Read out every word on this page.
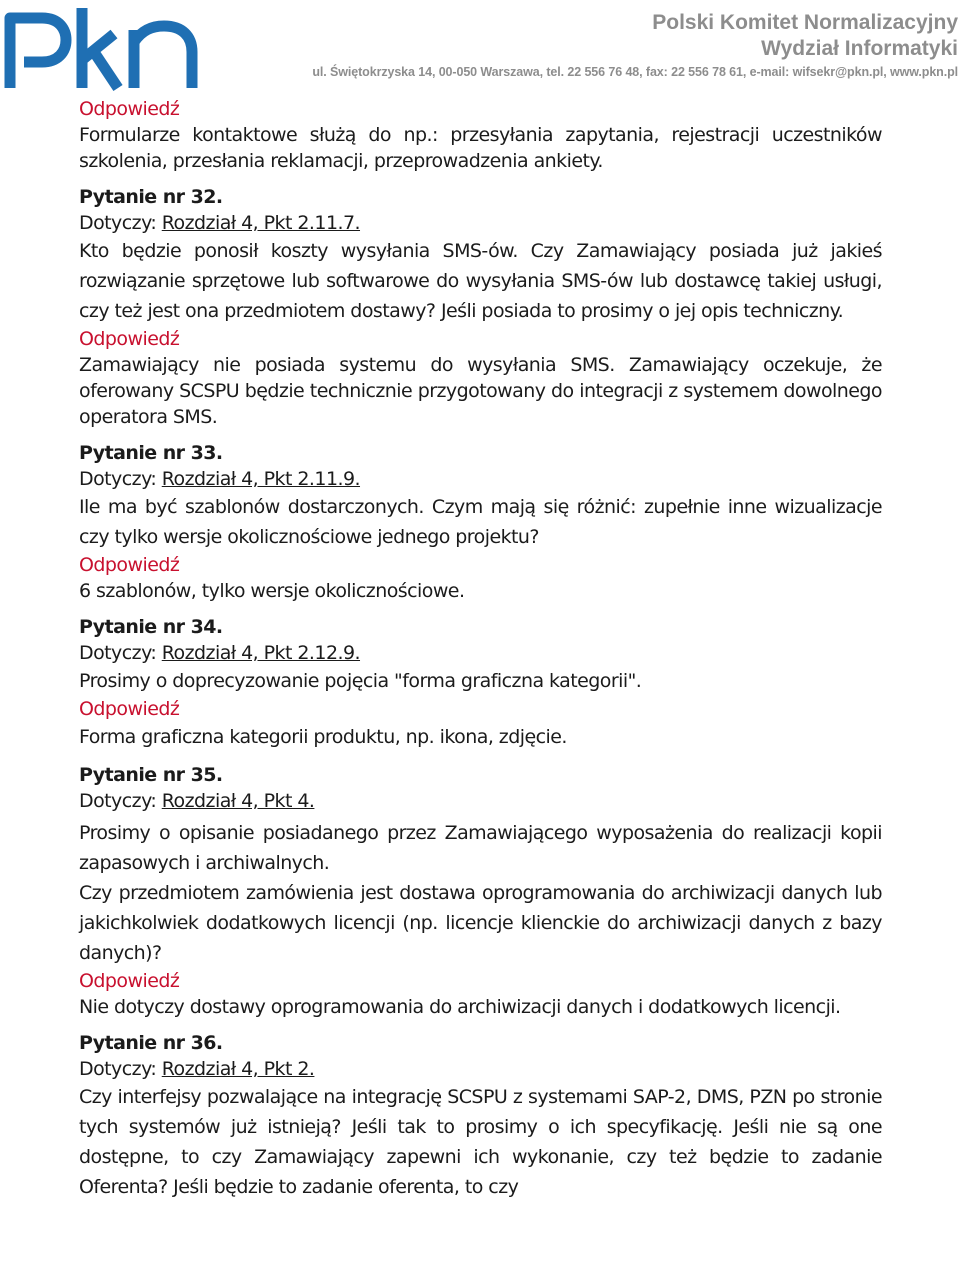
Polski Komitet Normalizacyjny
Wydział Informatyki
ul. Świętokrzyska 14, 00-050 Warszawa, tel. 22 556 76 48, fax: 22 556 78 61, e-mail: wifsekr@pkn.pl, www.pkn.pl
Odpowiedź
Formularze kontaktowe służą do np.: przesyłania zapytania, rejestracji uczestników szkolenia, przesłania reklamacji, przeprowadzenia ankiety.
Pytanie nr 32.
Dotyczy: Rozdział 4, Pkt 2.11.7.
Kto będzie ponosił koszty wysyłania SMS-ów. Czy Zamawiający posiada już jakieś rozwiązanie sprzętowe lub softwarowe do wysyłania SMS-ów lub dostawcę takiej usługi, czy też jest ona przedmiotem dostawy? Jeśli posiada to prosimy o jej opis techniczny.
Odpowiedź
Zamawiający nie posiada systemu do wysyłania SMS. Zamawiający oczekuje, że oferowany SCSPU będzie technicznie przygotowany do integracji z systemem dowolnego operatora SMS.
Pytanie nr 33.
Dotyczy: Rozdział 4, Pkt 2.11.9.
Ile ma być szablonów dostarczonych. Czym mają się różnić: zupełnie inne wizualizacje czy tylko wersje okolicznościowe jednego projektu?
Odpowiedź
6 szablonów, tylko wersje okolicznościowe.
Pytanie nr 34.
Dotyczy: Rozdział 4, Pkt 2.12.9.
Prosimy o doprecyzowanie pojęcia "forma graficzna kategorii".
Odpowiedź
Forma graficzna kategorii produktu, np. ikona, zdjęcie.
Pytanie nr 35.
Dotyczy: Rozdział 4, Pkt 4.
Prosimy o opisanie posiadanego przez Zamawiającego wyposażenia do realizacji kopii zapasowych i archiwalnych.
Czy przedmiotem zamówienia jest dostawa oprogramowania do archiwizacji danych lub jakichkolwiek dodatkowych licencji (np. licencje klienckie do archiwizacji danych z bazy danych)?
Odpowiedź
Nie dotyczy dostawy oprogramowania do archiwizacji danych i dodatkowych licencji.
Pytanie nr 36.
Dotyczy: Rozdział 4, Pkt 2.
Czy interfejsy pozwalające na integrację SCSPU z systemami SAP-2, DMS, PZN po stronie tych systemów już istnieją? Jeśli tak to prosimy o ich specyfikację. Jeśli nie są one dostępne, to czy Zamawiający zapewni ich wykonanie, czy też będzie to zadanie Oferenta? Jeśli będzie to zadanie oferenta, to czy
